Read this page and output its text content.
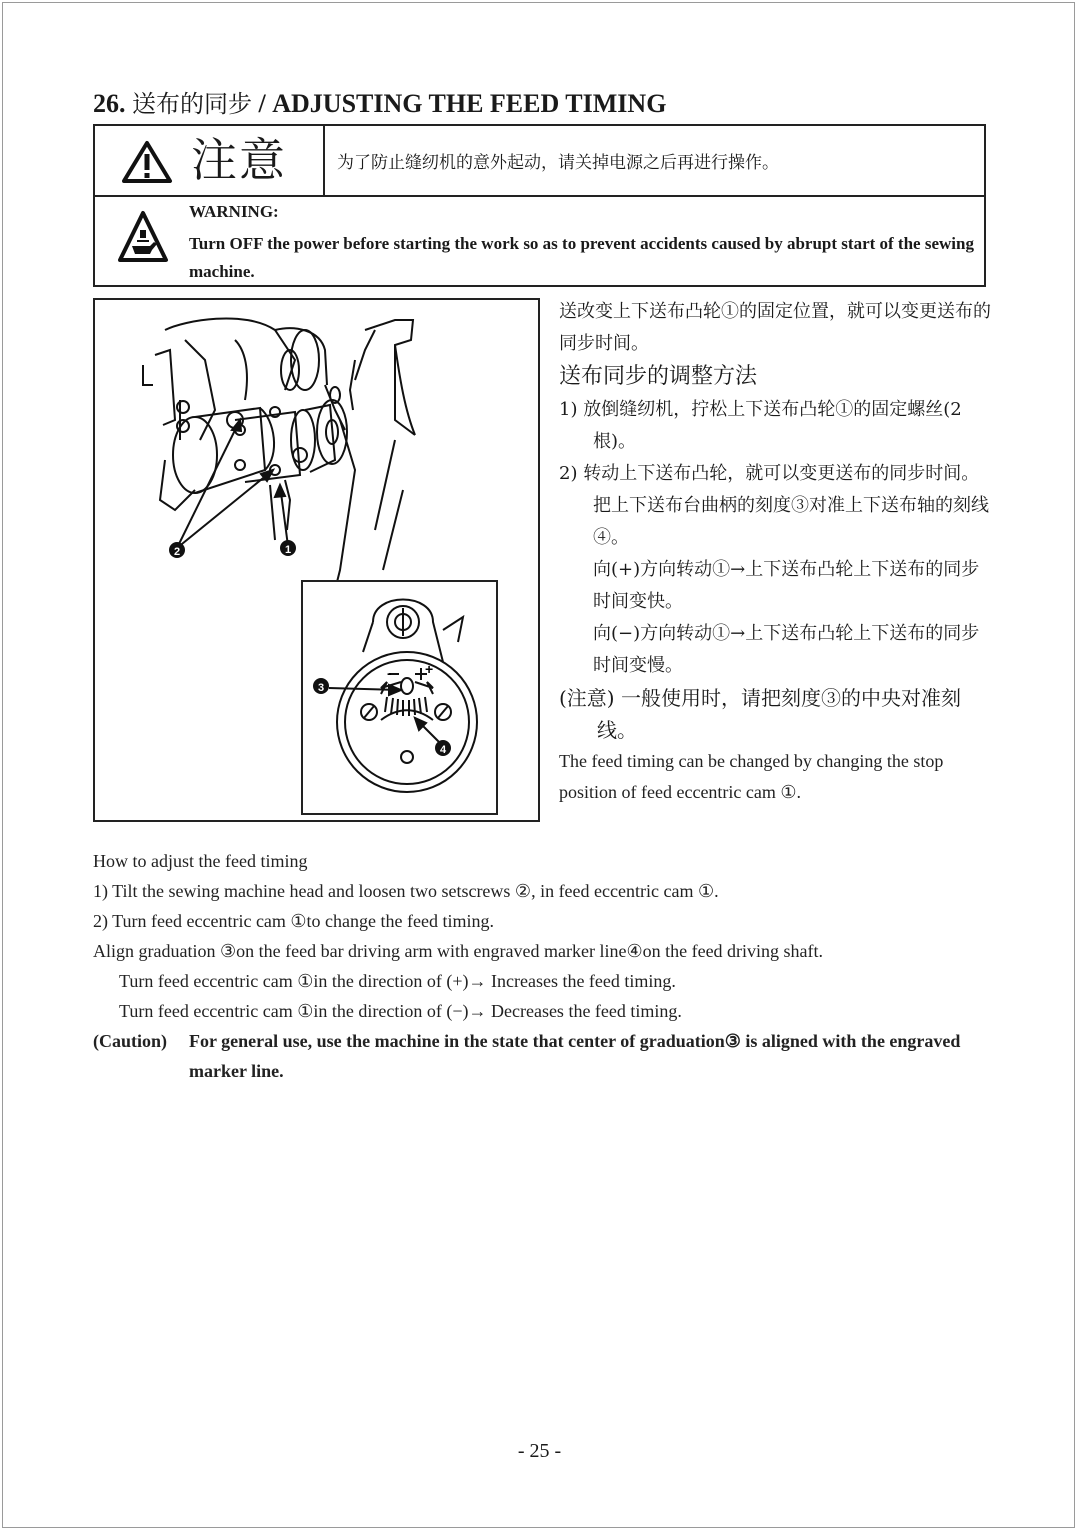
26. 送布的同步 / ADJUSTING THE FEED TIMING
注意	为了防止缝纫机的意外起动，请关掉电源之后再进行操作。
WARNING:
Turn OFF the power before starting the work so as to prevent accidents caused by abrupt start of the sewing machine.
2	1
- +
3
4

送改变上下送布凸轮①的固定位置，就可以变更送布的同步时间。

送布同步的调整方法

1) 放倒缝纫机，拧松上下送布凸轮①的固定螺丝(2根)。

2) 转动上下送布凸轮，就可以变更送布的同步时间。把上下送布台曲柄的刻度③对准上下送布轴的刻线④。

向(+)方向转动①→上下送布凸轮上下送布的同步时间变快。

向(−)方向转动①→上下送布凸轮上下送布的同步时间变慢。

(注意) 一般使用时，请把刻度③的中央对准刻线。

The feed timing can be changed by changing the stop position of feed eccentric cam ①.

How to adjust the feed timing

1) Tilt the sewing machine head and loosen two setscrews ②, in feed eccentric cam ①.

2) Turn feed eccentric cam ①to change the feed timing.

Align graduation ③on the feed bar driving arm with engraved marker line④on the feed driving shaft.

Turn feed eccentric cam ①in the direction of (+)→ Increases the feed timing.

Turn feed eccentric cam ①in the direction of (−)→ Decreases the feed timing.

(Caution)	For general use, use the machine in the state that center of graduation③ is aligned with the engraved marker line.

- 25 -
